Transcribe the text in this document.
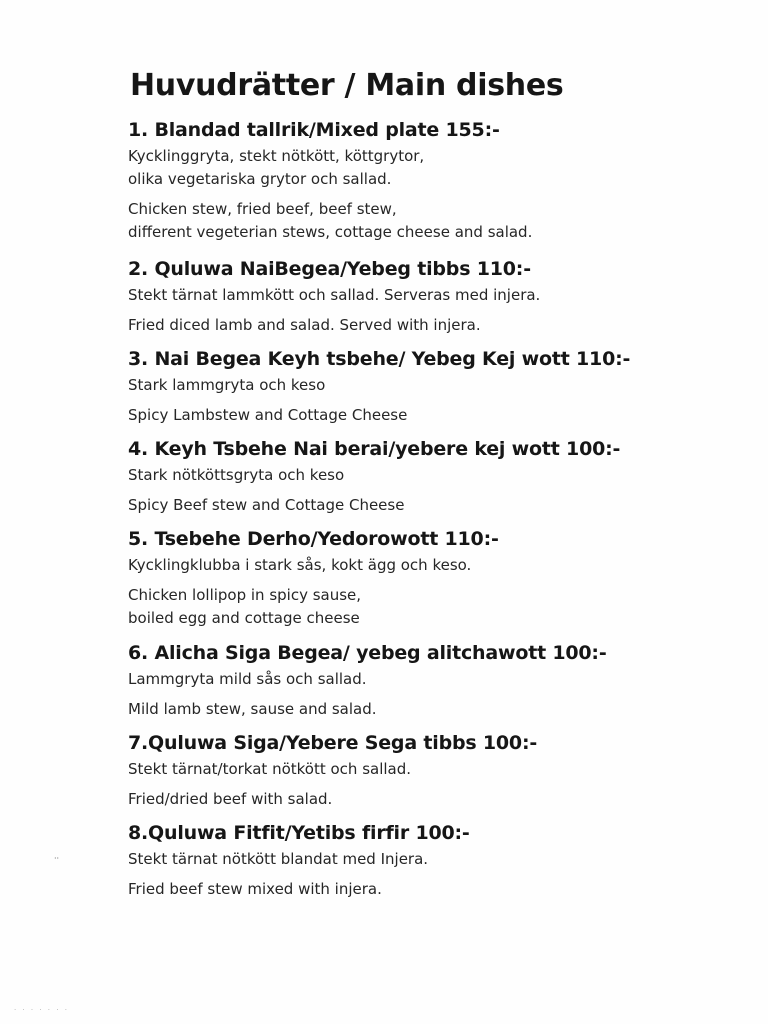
Huvudrätter / Main dishes
1. Blandad tallrik/Mixed plate 155:-
Kycklinggryta, stekt nötkött, köttgrytor,
olika vegetariska grytor och sallad.
Chicken stew, fried beef, beef stew,
different vegeterian stews, cottage cheese and salad.
2. Quluwa NaiBegea/Yebeg tibbs 110:-
Stekt tärnat lammkött och sallad. Serveras med injera.
Fried diced lamb and salad. Served with injera.
3. Nai Begea Keyh tsbehe/ Yebeg Kej wott 110:-
Stark lammgryta och keso
Spicy Lambstew and Cottage Cheese
4. Keyh Tsbehe Nai berai/yebere kej wott 100:-
Stark nötköttsgryta och keso
Spicy Beef stew and Cottage Cheese
5. Tsebehe Derho/Yedorowott 110:-
Kycklingklubba i stark sås, kokt ägg och keso.
Chicken lollipop in spicy sause,
boiled egg and cottage cheese
6. Alicha Siga Begea/ yebeg alitchawott 100:-
Lammgryta mild sås och sallad.
Mild lamb stew, sause and salad.
7.Quluwa Siga/Yebere Sega tibbs 100:-
Stekt tärnat/torkat nötkött och sallad.
Fried/dried beef with salad.
8.Quluwa Fitfit/Yetibs firfir 100:-
Stekt tärnat nötkött blandat med Injera.
Fried beef stew mixed with injera.
··
· · · · · · ·
